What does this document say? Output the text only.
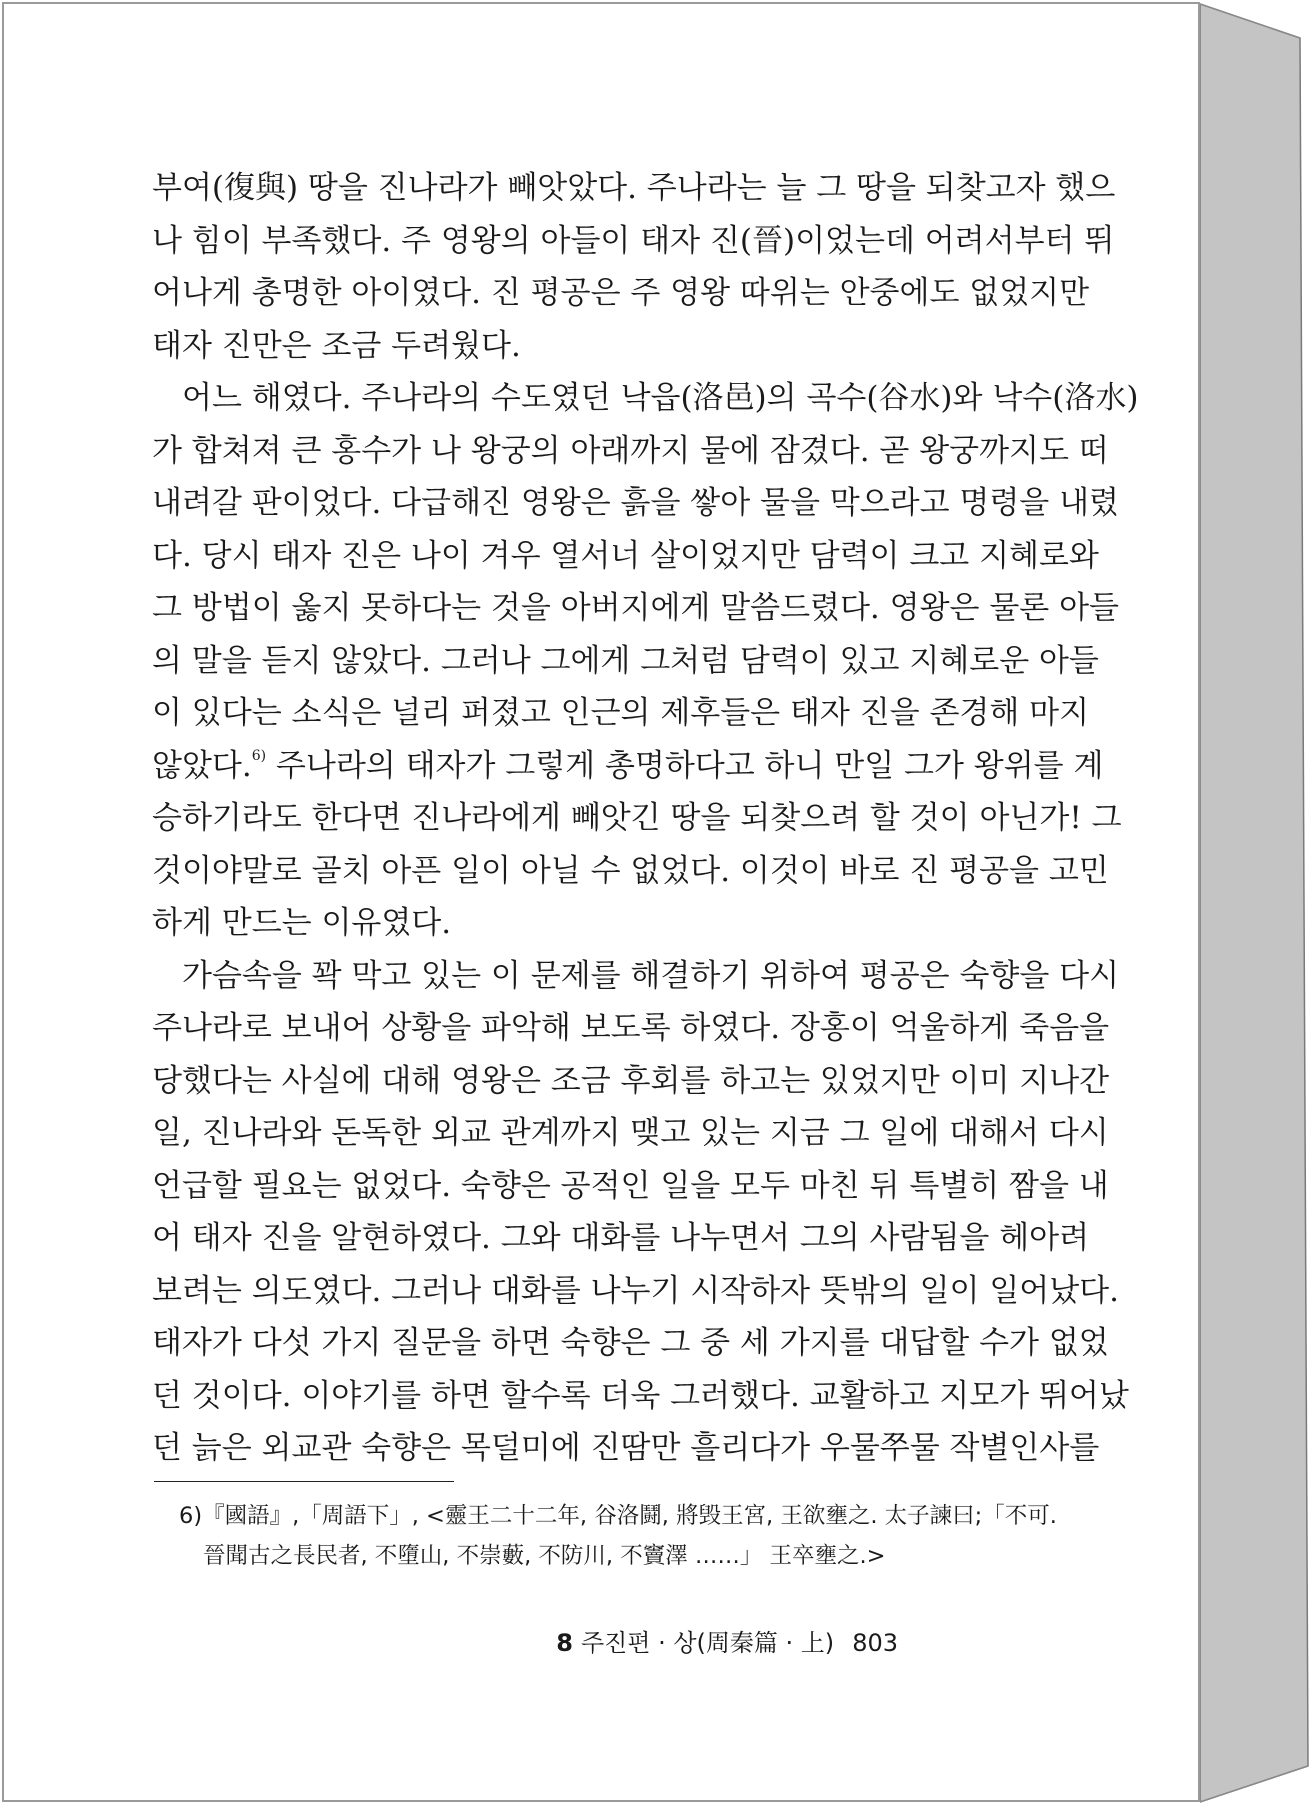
부여(復與) 땅을 진나라가 빼앗았다. 주나라는 늘 그 땅을 되찾고자 했으
나 힘이 부족했다. 주 영왕의 아들이 태자 진(晉)이었는데 어려서부터 뛰
어나게 총명한 아이였다. 진 평공은 주 영왕 따위는 안중에도 없었지만
태자 진만은 조금 두려웠다.
어느 해였다. 주나라의 수도였던 낙읍(洛邑)의 곡수(谷水)와 낙수(洛水)
가 합쳐져 큰 홍수가 나 왕궁의 아래까지 물에 잠겼다. 곧 왕궁까지도 떠
내려갈 판이었다. 다급해진 영왕은 흙을 쌓아 물을 막으라고 명령을 내렸
다. 당시 태자 진은 나이 겨우 열서너 살이었지만 담력이 크고 지혜로와
그 방법이 옳지 못하다는 것을 아버지에게 말씀드렸다. 영왕은 물론 아들
의 말을 듣지 않았다. 그러나 그에게 그처럼 담력이 있고 지혜로운 아들
이 있다는 소식은 널리 퍼졌고 인근의 제후들은 태자 진을 존경해 마지
않았다.$^{6)}$ 주나라의 태자가 그렇게 총명하다고 하니 만일 그가 왕위를 계
승하기라도 한다면 진나라에게 빼앗긴 땅을 되찾으려 할 것이 아닌가! 그
것이야말로 골치 아픈 일이 아닐 수 없었다. 이것이 바로 진 평공을 고민
하게 만드는 이유였다.
가슴속을 꽉 막고 있는 이 문제를 해결하기 위하여 평공은 숙향을 다시
주나라로 보내어 상황을 파악해 보도록 하였다. 장홍이 억울하게 죽음을
당했다는 사실에 대해 영왕은 조금 후회를 하고는 있었지만 이미 지나간
일, 진나라와 돈독한 외교 관계까지 맺고 있는 지금 그 일에 대해서 다시
언급할 필요는 없었다. 숙향은 공적인 일을 모두 마친 뒤 특별히 짬을 내
어 태자 진을 알현하였다. 그와 대화를 나누면서 그의 사람됨을 헤아려
보려는 의도였다. 그러나 대화를 나누기 시작하자 뜻밖의 일이 일어났다.
태자가 다섯 가지 질문을 하면 숙향은 그 중 세 가지를 대답할 수가 없었
던 것이다. 이야기를 하면 할수록 더욱 그러했다. 교활하고 지모가 뛰어났
던 늙은 외교관 숙향은 목덜미에 진땀만 흘리다가 우물쭈물 작별인사를
6)『國語』,「周語下」, <靈王二十二年, 谷洛鬪, 將毁王宮, 王欲壅之. 太子諫曰;「不可.
晉聞古之長民者, 不墮山, 不崇藪, 不防川, 不竇澤 ……」 王卒壅之.>
8 주진편 · 상(周秦篇 · 上) 803
